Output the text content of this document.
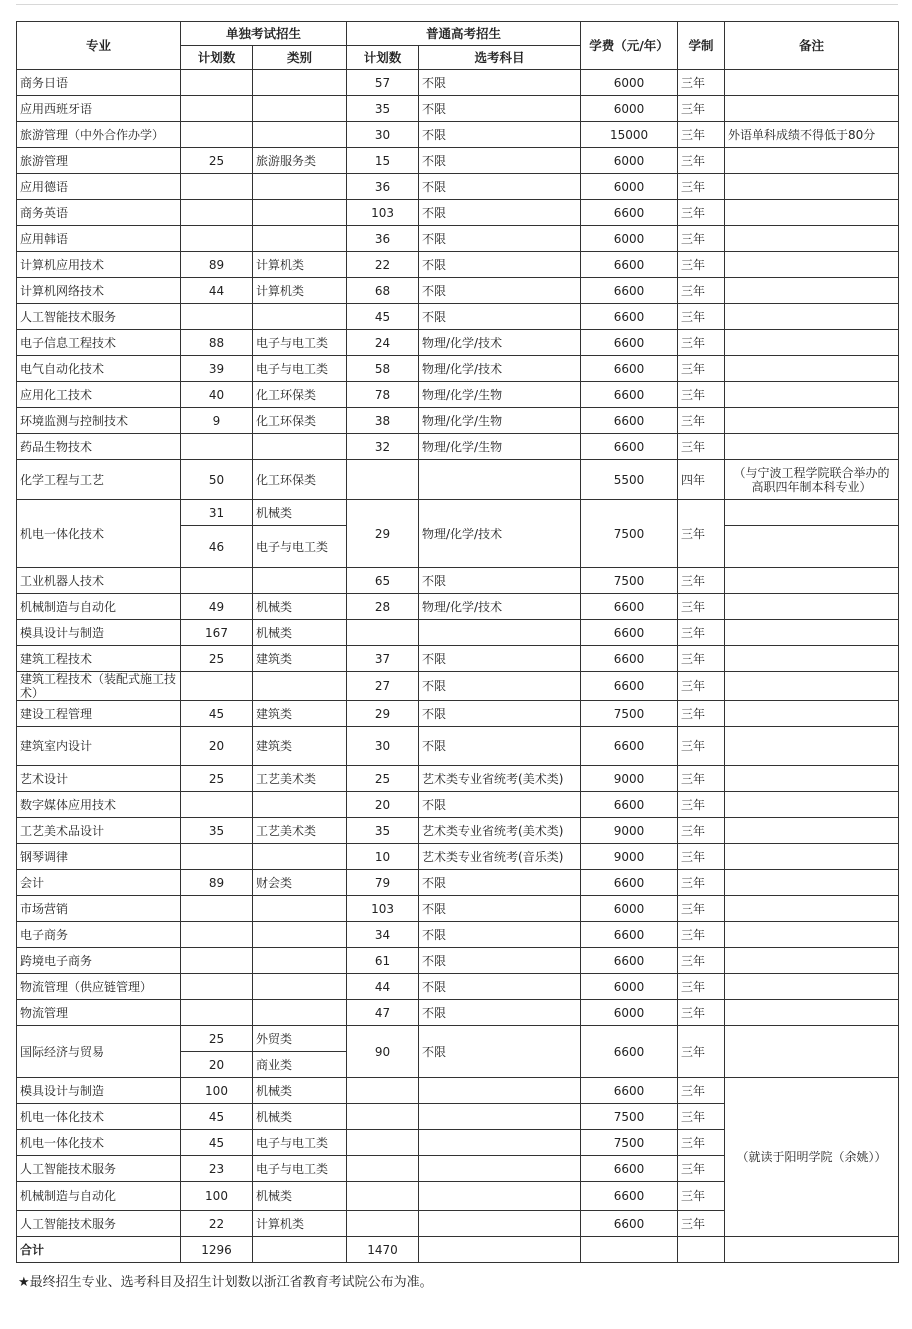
专业	单独考试招生		普通高考招生		学费（元/年）	学制	备注
	计划数	类别	计划数	选考科目			
商务日语			57	不限	6000	三年	
应用西班牙语			35	不限	6000	三年	
旅游管理（中外合作办学）			30	不限	15000	三年	外语单科成绩不得低于80分
旅游管理	25	旅游服务类	15	不限	6000	三年	
应用德语			36	不限	6000	三年	
商务英语			103	不限	6600	三年	
应用韩语			36	不限	6000	三年	
计算机应用技术	89	计算机类	22	不限	6600	三年	
计算机网络技术	44	计算机类	68	不限	6600	三年	
人工智能技术服务			45	不限	6600	三年	
电子信息工程技术	88	电子与电工类	24	物理/化学/技术	6600	三年	
电气自动化技术	39	电子与电工类	58	物理/化学/技术	6600	三年	
应用化工技术	40	化工环保类	78	物理/化学/生物	6600	三年	
环境监测与控制技术	9	化工环保类	38	物理/化学/生物	6600	三年	
药品生物技术			32	物理/化学/生物	6600	三年	
化学工程与工艺	50	化工环保类			5500	四年	（与宁波工程学院联合举办的高职四年制本科专业）
机电一体化技术	31	机械类	29	物理/化学/技术	7500	三年	
	46	电子与电工类					
工业机器人技术			65	不限	7500	三年	
机械制造与自动化	49	机械类	28	物理/化学/技术	6600	三年	
模具设计与制造	167	机械类			6600	三年	
建筑工程技术	25	建筑类	37	不限	6600	三年	
建筑工程技术（装配式施工技术）			27	不限	6600	三年	
建设工程管理	45	建筑类	29	不限	7500	三年	
建筑室内设计	20	建筑类	30	不限	6600	三年	
艺术设计	25	工艺美术类	25	艺术类专业省统考(美术类)	9000	三年	
数字媒体应用技术			20	不限	6600	三年	
工艺美术品设计	35	工艺美术类	35	艺术类专业省统考(美术类)	9000	三年	
钢琴调律			10	艺术类专业省统考(音乐类)	9000	三年	
会计	89	财会类	79	不限	6600	三年	
市场营销			103	不限	6000	三年	
电子商务			34	不限	6600	三年	
跨境电子商务			61	不限	6600	三年	
物流管理（供应链管理）			44	不限	6000	三年	
物流管理			47	不限	6000	三年	
国际经济与贸易	25	外贸类	90	不限	6600	三年	
	20	商业类					
模具设计与制造	100	机械类			6600	三年	（就读于阳明学院（余姚））
机电一体化技术	45	机械类			7500	三年	
机电一体化技术	45	电子与电工类			7500	三年	
人工智能技术服务	23	电子与电工类			6600	三年	
机械制造与自动化	100	机械类			6600	三年	
人工智能技术服务	22	计算机类			6600	三年	
合计	1296		1470				
★最终招生专业、选考科目及招生计划数以浙江省教育考试院公布为准。
